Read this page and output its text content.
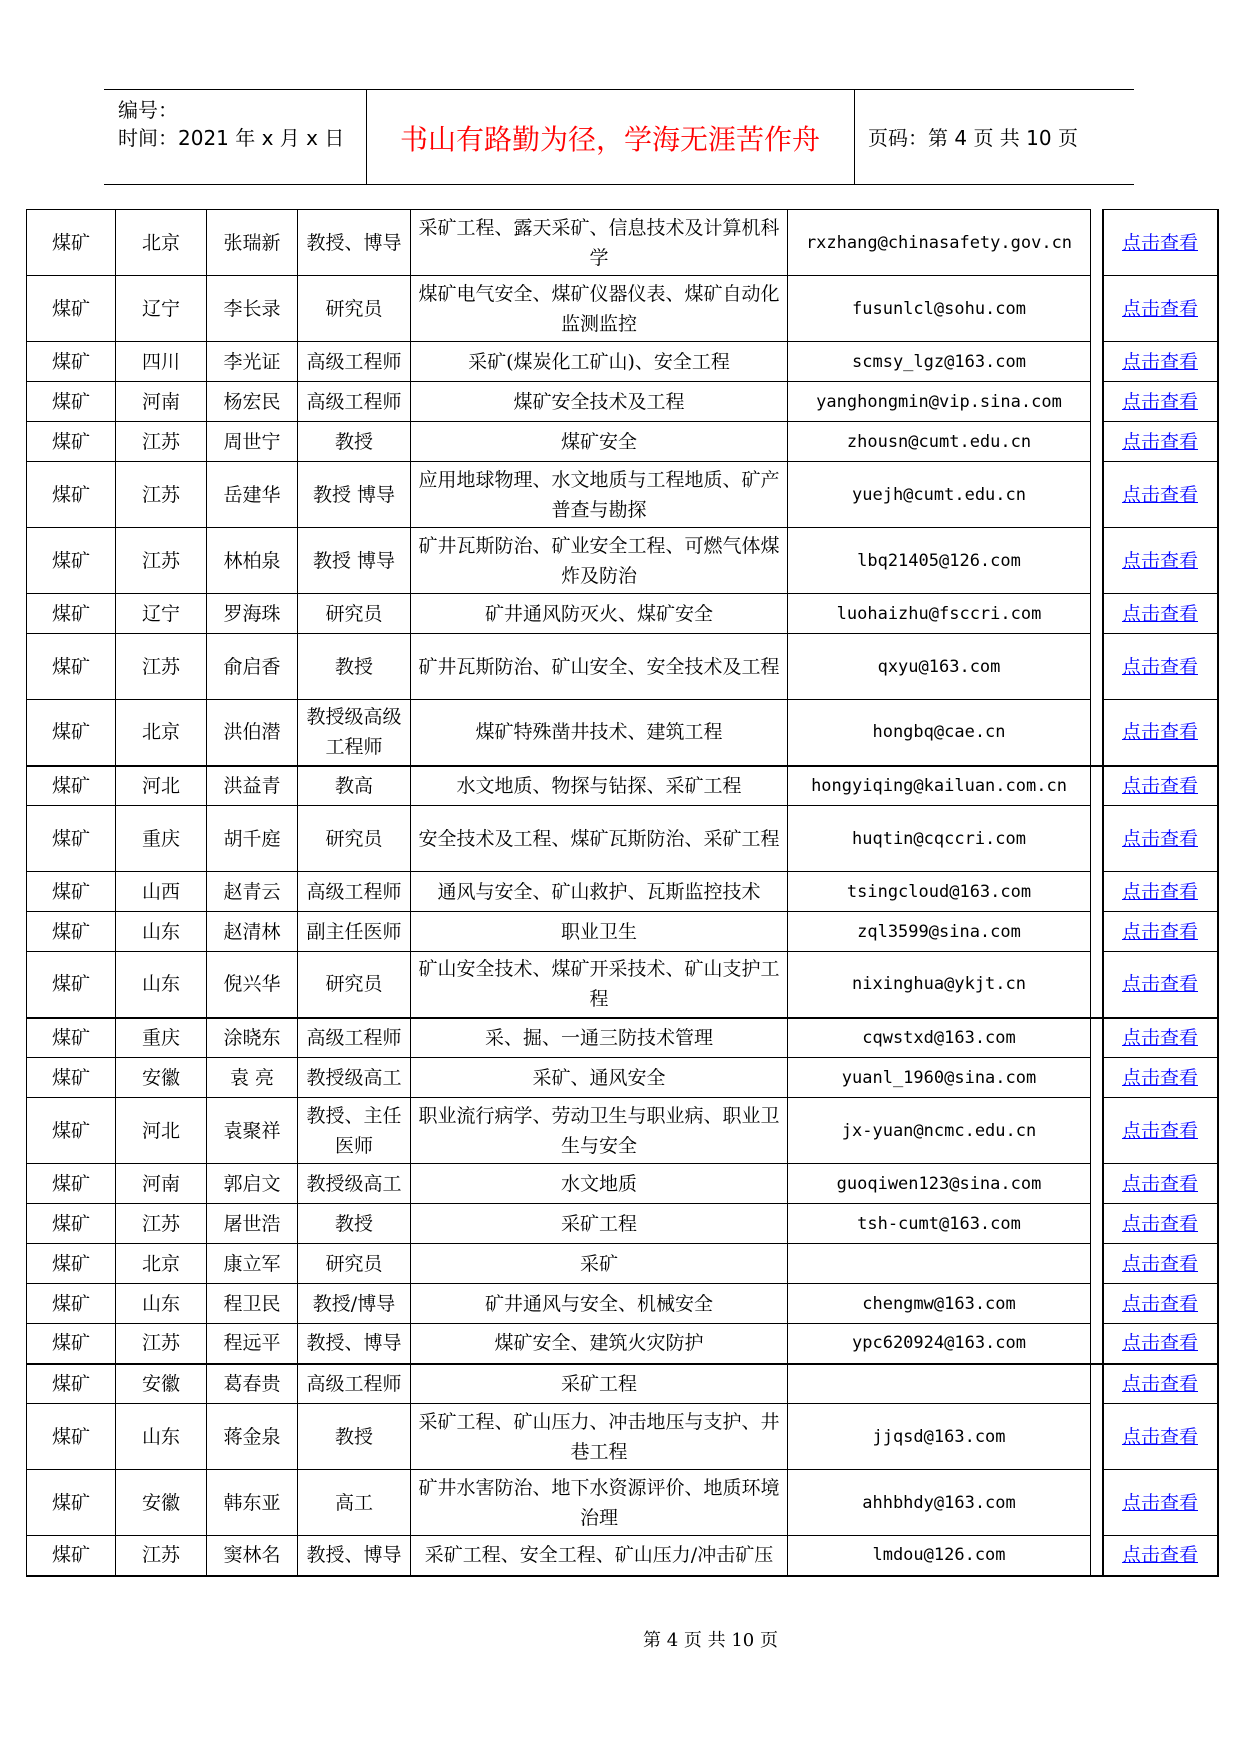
编号：
时间：2021 年 x 月 x 日	书山有路勤为径，学海无涯苦作舟	页码：第 4 页 共 10 页
煤矿	北京	张瑞新	教授、博导	采矿工程、露天采矿、信息技术及计算机科学	rxzhang@chinasafety.gov.cn		点击查看
煤矿	辽宁	李长录	研究员	煤矿电气安全、煤矿仪器仪表、煤矿自动化监测监控	fusunlcl@sohu.com		点击查看
煤矿	四川	李光证	高级工程师	采矿(煤炭化工矿山)、安全工程	scmsy_lgz@163.com		点击查看
煤矿	河南	杨宏民	高级工程师	煤矿安全技术及工程	yanghongmin@vip.sina.com		点击查看
煤矿	江苏	周世宁	教授	煤矿安全	zhousn@cumt.edu.cn		点击查看
煤矿	江苏	岳建华	教授 博导	应用地球物理、水文地质与工程地质、矿产普查与勘探	yuejh@cumt.edu.cn		点击查看
煤矿	江苏	林柏泉	教授 博导	矿井瓦斯防治、矿业安全工程、可燃气体煤炸及防治	lbq21405@126.com		点击查看
煤矿	辽宁	罗海珠	研究员	矿井通风防灭火、煤矿安全	luohaizhu@fsccri.com		点击查看
煤矿	江苏	俞启香	教授	矿井瓦斯防治、矿山安全、安全技术及工程	qxyu@163.com		点击查看
煤矿	北京	洪伯潜	教授级高级工程师	煤矿特殊凿井技术、建筑工程	hongbq@cae.cn		点击查看
煤矿	河北	洪益青	教高	水文地质、物探与钻探、采矿工程	hongyiqing@kailuan.com.cn		点击查看
煤矿	重庆	胡千庭	研究员	安全技术及工程、煤矿瓦斯防治、采矿工程	huqtin@cqccri.com		点击查看
煤矿	山西	赵青云	高级工程师	通风与安全、矿山救护、瓦斯监控技术	tsingcloud@163.com		点击查看
煤矿	山东	赵清林	副主任医师	职业卫生	zql3599@sina.com		点击查看
煤矿	山东	倪兴华	研究员	矿山安全技术、煤矿开采技术、矿山支护工程	nixinghua@ykjt.cn		点击查看
煤矿	重庆	涂晓东	高级工程师	采、掘、一通三防技术管理	cqwstxd@163.com		点击查看
煤矿	安徽	袁 亮	教授级高工	采矿、通风安全	yuanl_1960@sina.com		点击查看
煤矿	河北	袁聚祥	教授、主任医师	职业流行病学、劳动卫生与职业病、职业卫生与安全	jx-yuan@ncmc.edu.cn		点击查看
煤矿	河南	郭启文	教授级高工	水文地质	guoqiwen123@sina.com		点击查看
煤矿	江苏	屠世浩	教授	采矿工程	tsh-cumt@163.com		点击查看
煤矿	北京	康立军	研究员	采矿			点击查看
煤矿	山东	程卫民	教授/博导	矿井通风与安全、机械安全	chengmw@163.com		点击查看
煤矿	江苏	程远平	教授、博导	煤矿安全、建筑火灾防护	ypc620924@163.com		点击查看
煤矿	安徽	葛春贵	高级工程师	采矿工程			点击查看
煤矿	山东	蒋金泉	教授	采矿工程、矿山压力、冲击地压与支护、井巷工程	jjqsd@163.com		点击查看
煤矿	安徽	韩东亚	高工	矿井水害防治、地下水资源评价、地质环境治理	ahhbhdy@163.com		点击查看
煤矿	江苏	窦林名	教授、博导	采矿工程、安全工程、矿山压力/冲击矿压	lmdou@126.com		点击查看
第 4 页 共 10 页
